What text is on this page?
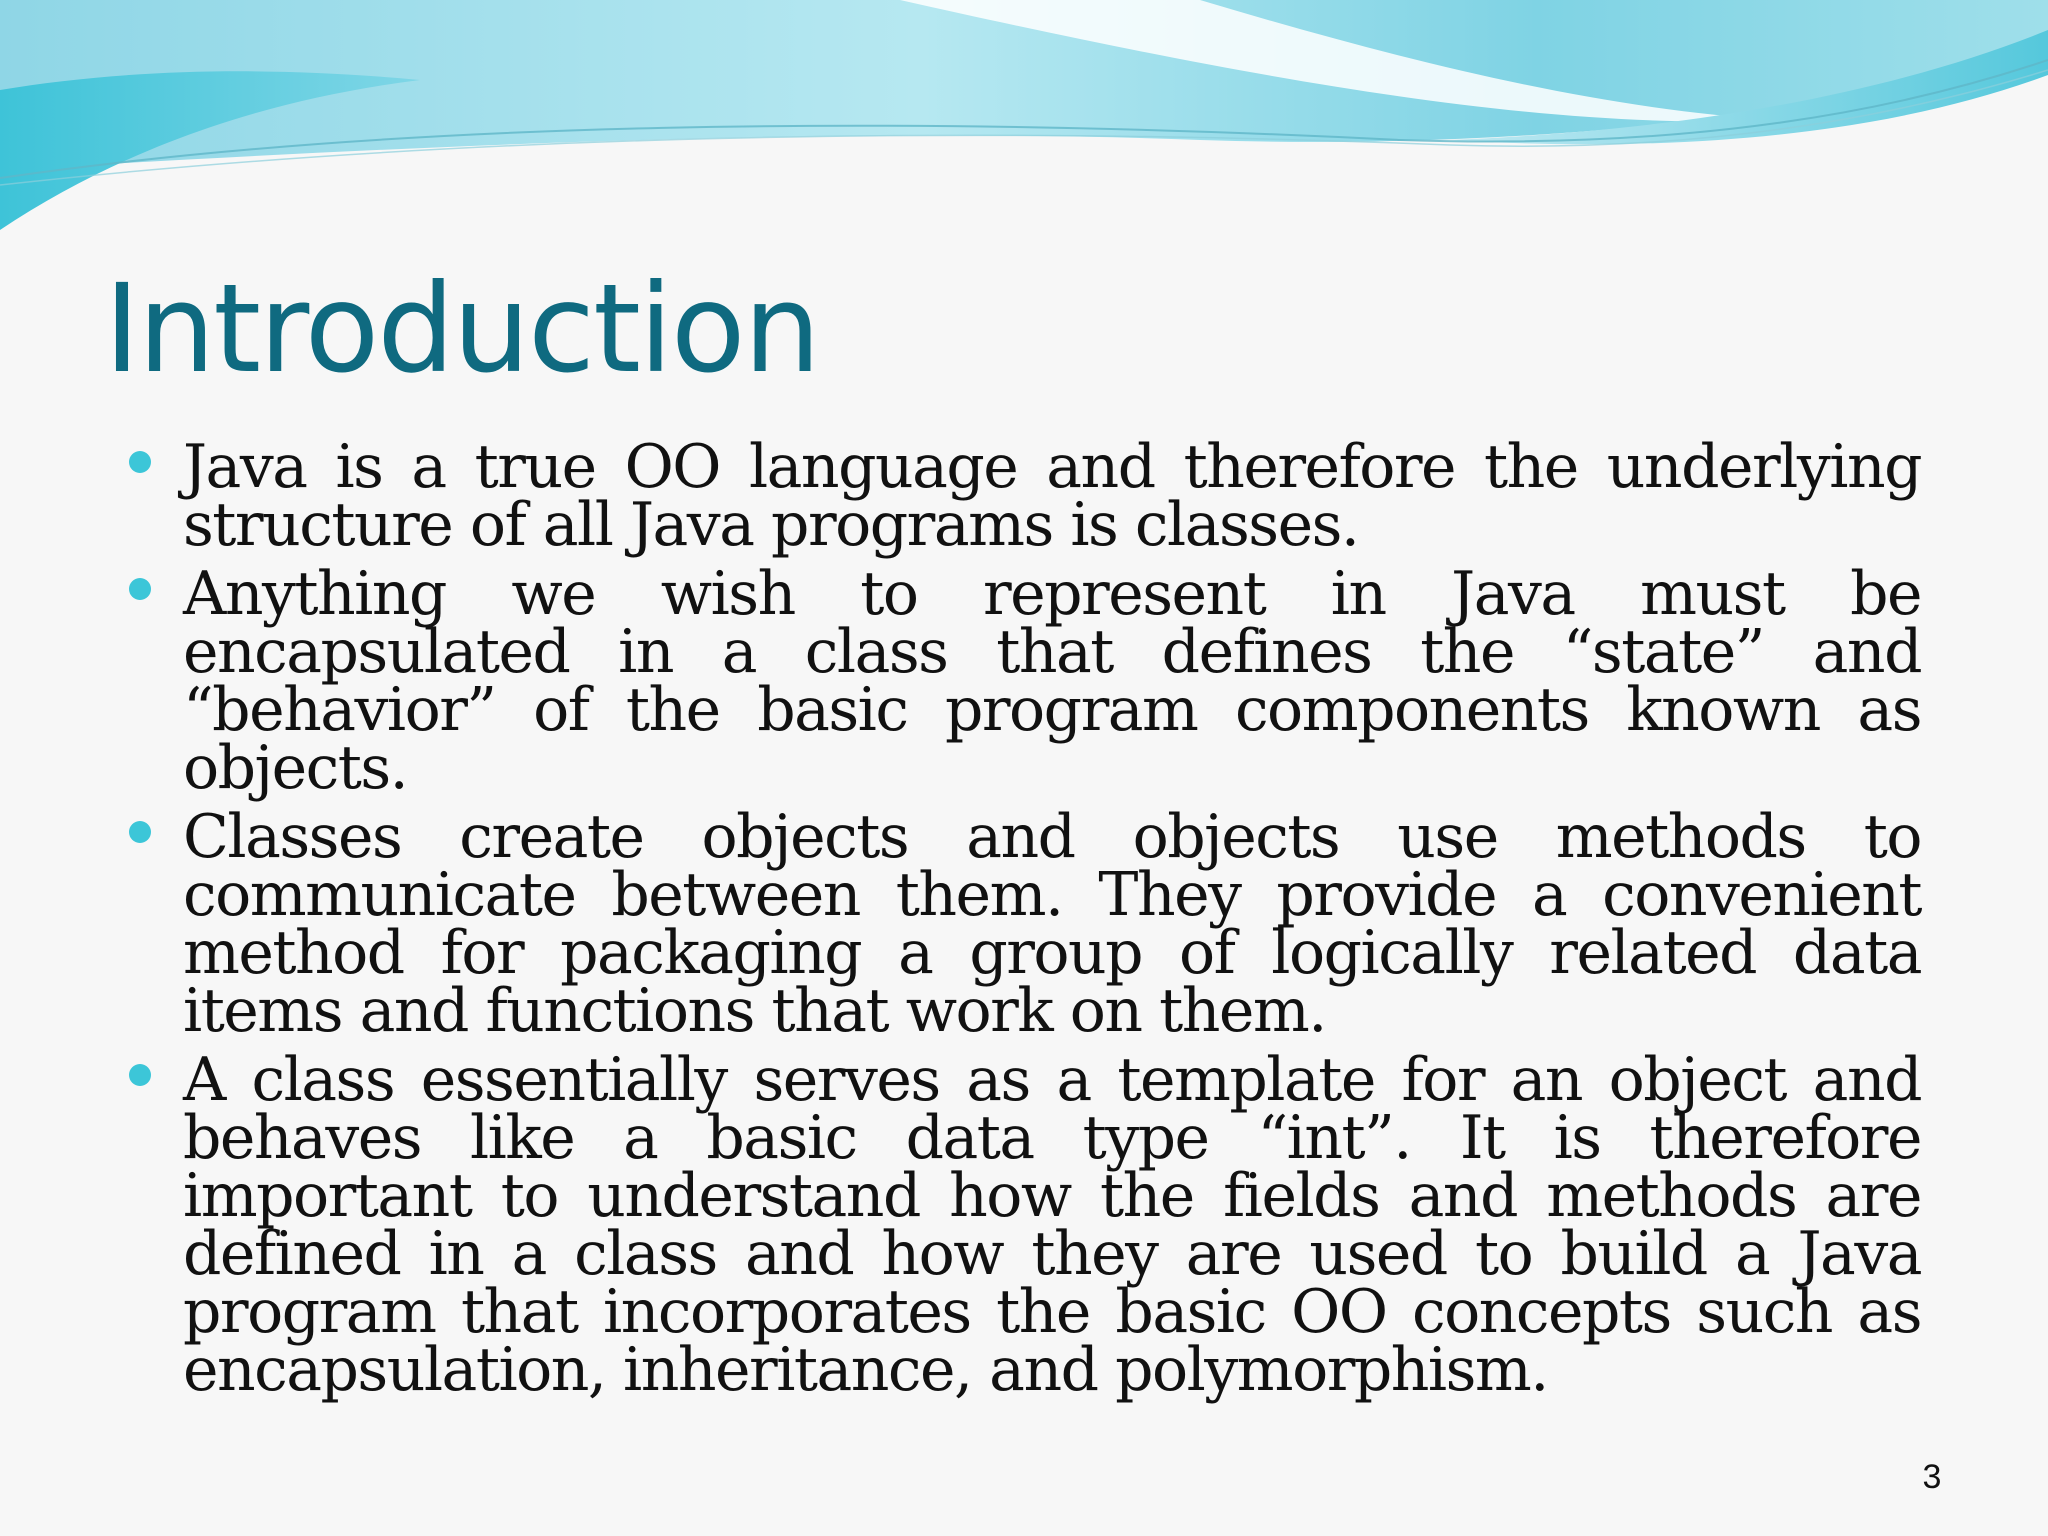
Introduction
Java is a true OO language and therefore the underlying structure of all Java programs is classes.
Anything we wish to represent in Java must be encapsulated in a class that defines the “state” and “behavior” of the basic program components known as objects.
Classes create objects and objects use methods to communicate between them. They provide a convenient method for packaging a group of logically related data items and functions that work on them.
A class essentially serves as a template for an object and behaves like a basic data type “int”. It is therefore important to understand how the fields and methods are defined in a class and how they are used to build a Java program that incorporates the basic OO concepts such as encapsulation, inheritance, and polymorphism.
3
